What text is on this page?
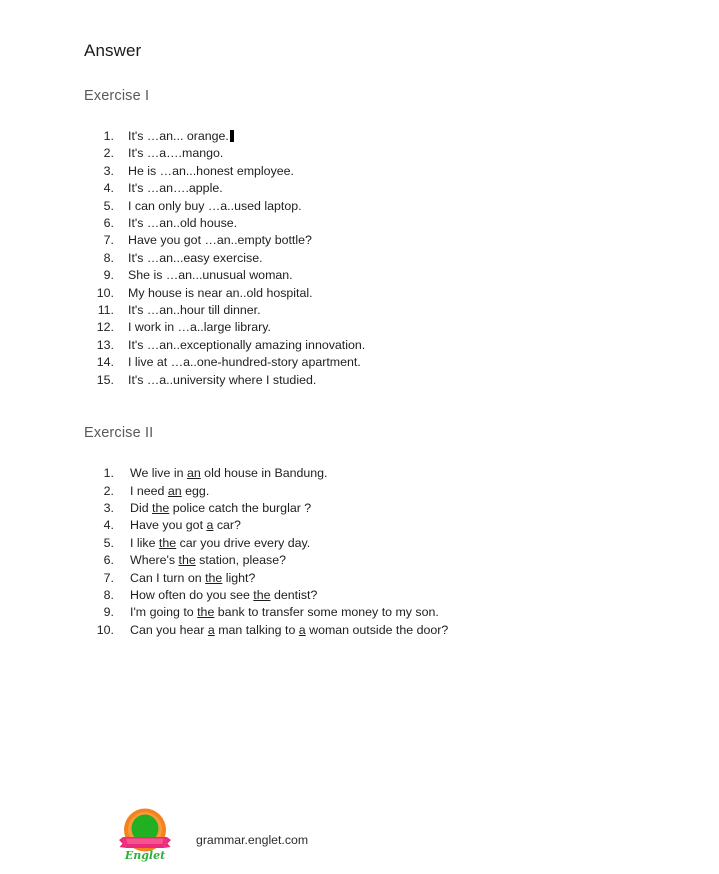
Answer
Exercise I
1. It's …an... orange.
2. It's …a….mango.
3. He is …an...honest employee.
4. It's …an….apple.
5. I can only buy …a..used laptop.
6. It's …an..old house.
7. Have you got …an..empty bottle?
8. It's …an...easy exercise.
9. She is …an...unusual woman.
10. My house is near an..old hospital.
11. It's …an..hour till dinner.
12. I work in …a..large library.
13. It's …an..exceptionally amazing innovation.
14. I live at …a..one-hundred-story apartment.
15. It's …a..university where I studied.
Exercise II
1. We live in an old house in Bandung.
2. I need an egg.
3. Did the police catch the burglar ?
4. Have you got a car?
5. I like the car you drive every day.
6. Where's the station, please?
7. Can I turn on the light?
8. How often do you see the dentist?
9. I'm going to the bank to transfer some money to my son.
10. Can you hear a man talking to a woman outside the door?
Englet
grammar.englet.com
